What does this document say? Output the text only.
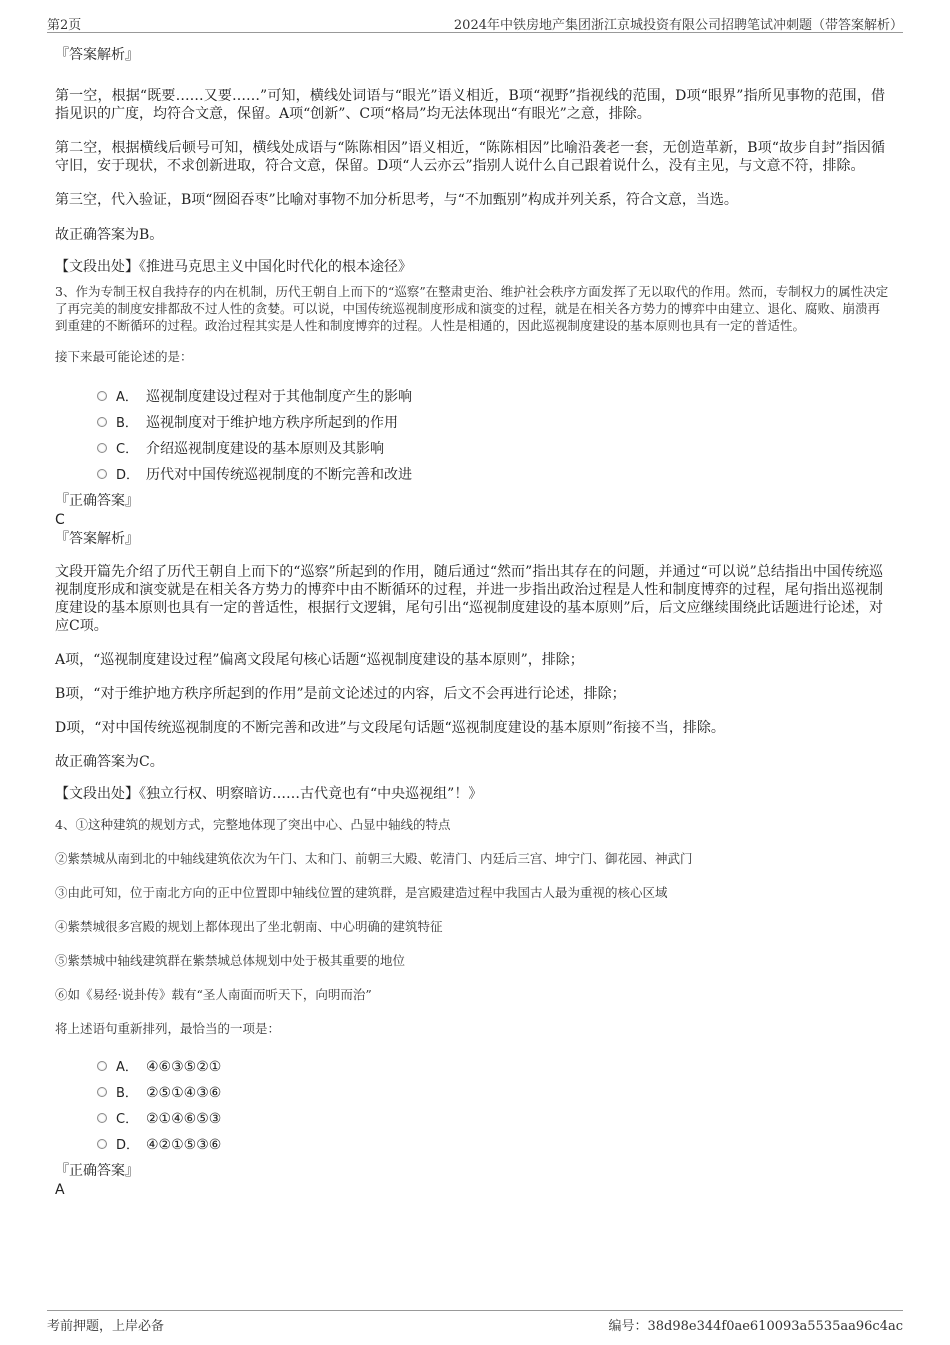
第2页	2024年中铁房地产集团浙江京城投资有限公司招聘笔试冲刺题（带答案解析）

『答案解析』

第一空，根据“既要……又要……”可知，横线处词语与“眼光”语义相近，B项“视野”指视线的范围，D项“眼界”指所见事物的范围，借指见识的广度，均符合文意，保留。A项“创新”、C项“格局”均无法体现出“有眼光”之意，排除。

第二空，根据横线后顿号可知，横线处成语与“陈陈相因”语义相近，“陈陈相因”比喻沿袭老一套，无创造革新，B项“故步自封”指因循守旧，安于现状，不求创新进取，符合文意，保留。D项“人云亦云”指别人说什么自己跟着说什么，没有主见，与文意不符，排除。

第三空，代入验证，B项“囫囵吞枣”比喻对事物不加分析思考，与“不加甄别”构成并列关系，符合文意，当选。

故正确答案为B。

【文段出处】《推进马克思主义中国化时代化的根本途径》

3、作为专制王权自我持存的内在机制，历代王朝自上而下的“巡察”在整肃吏治、维护社会秩序方面发挥了无以取代的作用。然而，专制权力的属性决定了再完美的制度安排都敌不过人性的贪婪。可以说，中国传统巡视制度形成和演变的过程，就是在相关各方势力的博弈中由建立、退化、腐败、崩溃再到重建的不断循环的过程。政治过程其实是人性和制度博弈的过程。人性是相通的，因此巡视制度建设的基本原则也具有一定的普适性。

接下来最可能论述的是：

A． 巡视制度建设过程对于其他制度产生的影响
B． 巡视制度对于维护地方秩序所起到的作用
C． 介绍巡视制度建设的基本原则及其影响
D． 历代对中国传统巡视制度的不断完善和改进

『正确答案』

C

『答案解析』

文段开篇先介绍了历代王朝自上而下的“巡察”所起到的作用，随后通过“然而”指出其存在的问题，并通过“可以说”总结指出中国传统巡视制度形成和演变就是在相关各方势力的博弈中由不断循环的过程，并进一步指出政治过程是人性和制度博弈的过程，尾句指出巡视制度建设的基本原则也具有一定的普适性，根据行文逻辑，尾句引出“巡视制度建设的基本原则”后，后文应继续围绕此话题进行论述，对应C项。

A项，“巡视制度建设过程”偏离文段尾句核心话题“巡视制度建设的基本原则”，排除；

B项，“对于维护地方秩序所起到的作用”是前文论述过的内容，后文不会再进行论述，排除；

D项，“对中国传统巡视制度的不断完善和改进”与文段尾句话题“巡视制度建设的基本原则”衔接不当，排除。

故正确答案为C。

【文段出处】《独立行权、明察暗访……古代竟也有“中央巡视组”！》

4、①这种建筑的规划方式，完整地体现了突出中心、凸显中轴线的特点

②紫禁城从南到北的中轴线建筑依次为午门、太和门、前朝三大殿、乾清门、内廷后三宫、坤宁门、御花园、神武门

③由此可知，位于南北方向的正中位置即中轴线位置的建筑群，是宫殿建造过程中我国古人最为重视的核心区域

④紫禁城很多宫殿的规划上都体现出了坐北朝南、中心明确的建筑特征

⑤紫禁城中轴线建筑群在紫禁城总体规划中处于极其重要的地位

⑥如《易经·说卦传》载有“圣人南面而听天下，向明而治”

将上述语句重新排列，最恰当的一项是：

A． ④⑥③⑤②①
B． ②⑤①④③⑥
C． ②①④⑥⑤③
D． ④②①⑤③⑥

『正确答案』

A

考前押题，上岸必备	编号：38d98e344f0ae610093a5535aa96c4ac
